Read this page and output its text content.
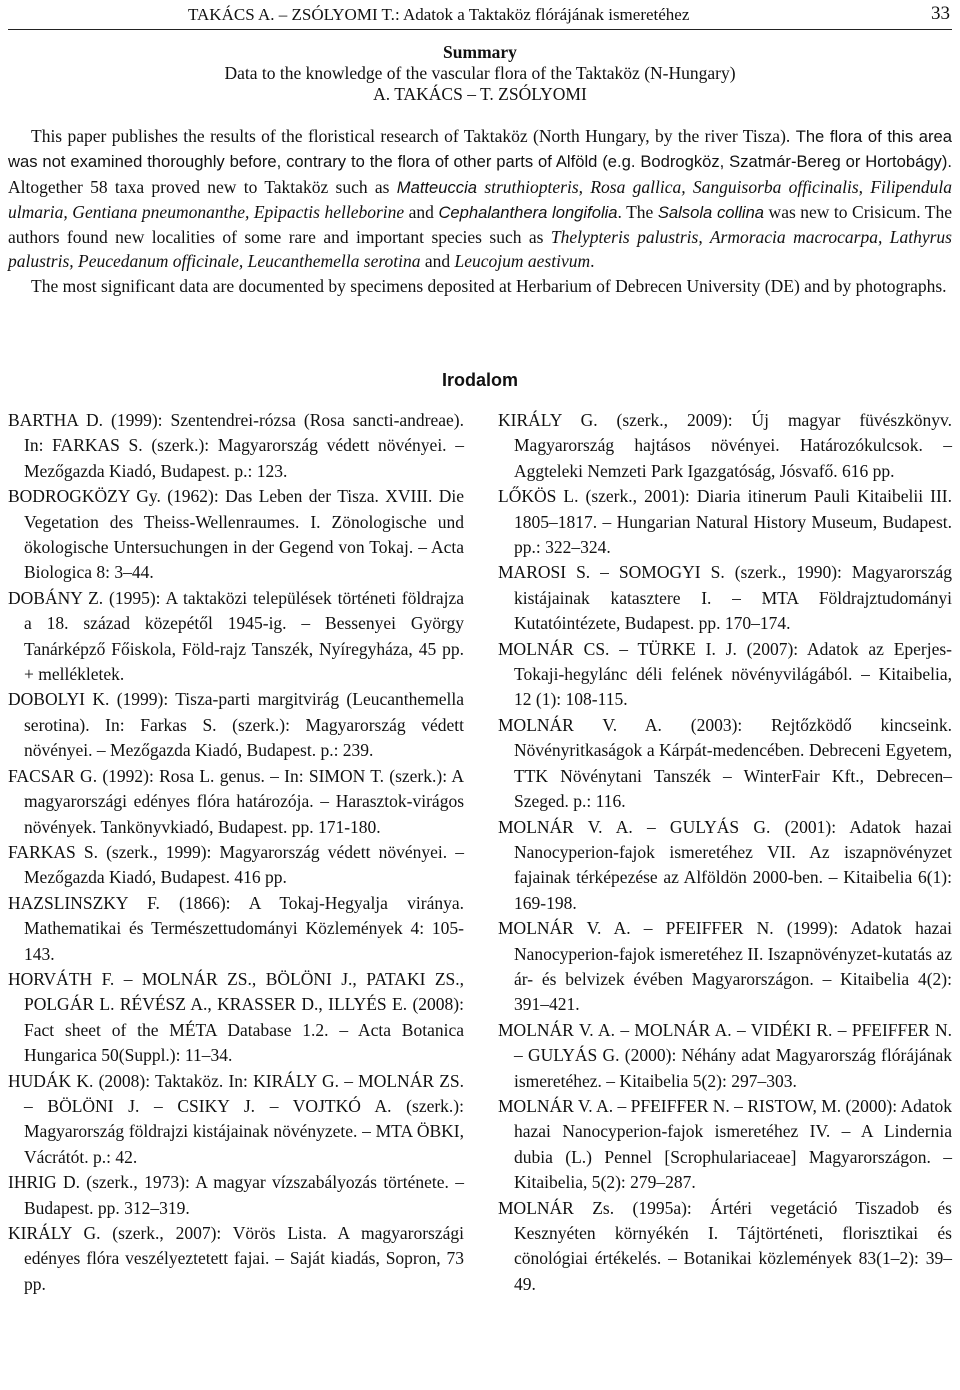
TAKÁCS A. – ZSÓLYOMI T.: Adatok a Taktaköz flórájának ismeretéhez	33
Summary
Data to the knowledge of the vascular flora of the Taktaköz (N-Hungary)
A. TAKÁCS – T. ZSÓLYOMI

This paper publishes the results of the floristical research of Taktaköz (North Hungary, by the river Tisza). The flora of this area was not examined thoroughly before, contrary to the flora of other parts of Alföld (e.g. Bodrogköz, Szatmár-Bereg or Hortobágy). Altogether 58 taxa proved new to Taktaköz such as Matteuccia struthiopteris, Rosa gallica, Sanguisorba officinalis, Filipendula ulmaria, Gentiana pneumonanthe, Epipactis helleborine and Cephalanthera longifolia. The Salsola collina was new to Crisicum. The authors found new localities of some rare and important species such as Thelypteris palustris, Armoracia macrocarpa, Lathyrus palustris, Peucedanum officinale, Leucanthemella serotina and Leucojum aestivum.

The most significant data are documented by specimens deposited at Herbarium of Debrecen University (DE) and by photographs.

Irodalom

BARTHA D. (1999): Szentendrei-rózsa (Rosa sancti-andreae). In: FARKAS S. (szerk.): Magyarország védett növényei. – Mezőgazda Kiadó, Budapest. p.: 123.

BODROGKÖZY Gy. (1962): Das Leben der Tisza. XVIII. Die Vegetation des Theiss-Wellenraumes. I. Zönologische und ökologische Untersuchungen in der Gegend von Tokaj. – Acta Biologica 8: 3–44.

DOBÁNY Z. (1995): A taktaközi települések történeti földrajza a 18. század közepétől 1945-ig. – Bessenyei György Tanárképző Főiskola, Föld-rajz Tanszék, Nyíregyháza, 45 pp. + mellékletek.

DOBOLYI K. (1999): Tisza-parti margitvirág (Leucanthemella serotina). In: Farkas S. (szerk.): Magyarország védett növényei. – Mezőgazda Kiadó, Budapest. p.: 239.

FACSAR G. (1992): Rosa L. genus. – In: SIMON T. (szerk.): A magyarországi edényes flóra határozója. – Harasztok-virágos növények. Tankönyvkiadó, Budapest. pp. 171-180.

FARKAS S. (szerk., 1999): Magyarország védett növényei. – Mezőgazda Kiadó, Budapest. 416 pp.

HAZSLINSZKY F. (1866): A Tokaj-Hegyalja viránya. Mathematikai és Természettudományi Közlemények 4: 105-143.

HORVÁTH F. – MOLNÁR ZS., BÖLÖNI J., PATAKI ZS., POLGÁR L. RÉVÉSZ A., KRASSER D., ILLYÉS E. (2008): Fact sheet of the MÉTA Database 1.2. – Acta Botanica Hungarica 50(Suppl.): 11–34.

HUDÁK K. (2008): Taktaköz. In: KIRÁLY G. – MOLNÁR ZS. – BÖLÖNI J. – CSIKY J. – VOJTKÓ A. (szerk.): Magyarország földrajzi kistájainak növényzete. – MTA ÖBKI, Vácrátót. p.: 42.

IHRIG D. (szerk., 1973): A magyar vízszabályozás története. – Budapest. pp. 312–319.

KIRÁLY G. (szerk., 2007): Vörös Lista. A magyarországi edényes flóra veszélyeztetett fajai. – Saját kiadás, Sopron, 73 pp.

KIRÁLY G. (szerk., 2009): Új magyar füvészkönyv. Magyarország hajtásos növényei. Határozókulcsok. – Aggteleki Nemzeti Park Igazgatóság, Jósvafő. 616 pp.

LŐKÖS L. (szerk., 2001): Diaria itinerum Pauli Kitaibelii III. 1805–1817. – Hungarian Natural History Museum, Budapest. pp.: 322–324.

MAROSI S. – SOMOGYI S. (szerk., 1990): Magyarország kistájainak katasztere I. – MTA Földrajztudományi Kutatóintézete, Budapest. pp. 170–174.

MOLNÁR CS. – TÜRKE I. J. (2007): Adatok az Eperjes-Tokaji-hegylánc déli felének növényvilágából. – Kitaibelia, 12 (1): 108-115.

MOLNÁR V. A. (2003): Rejtőzködő kincseink. Növényritkaságok a Kárpát-medencében. Debreceni Egyetem, TTK Növénytani Tanszék – WinterFair Kft., Debrecen–Szeged. p.: 116.

MOLNÁR V. A. – GULYÁS G. (2001): Adatok hazai Nanocyperion-fajok ismeretéhez VII. Az iszapnövényzet fajainak térképezése az Alföldön 2000-ben. – Kitaibelia 6(1): 169-198.

MOLNÁR V. A. – PFEIFFER N. (1999): Adatok hazai Nanocyperion-fajok ismeretéhez II. Iszapnövényzet-kutatás az ár- és belvizek évében Magyarországon. – Kitaibelia 4(2): 391–421.

MOLNÁR V. A. – MOLNÁR A. – VIDÉKI R. – PFEIFFER N. – GULYÁS G. (2000): Néhány adat Magyarország flórájának ismeretéhez. – Kitaibelia 5(2): 297–303.

MOLNÁR V. A. – PFEIFFER N. – RISTOW, M. (2000): Adatok hazai Nanocyperion-fajok ismeretéhez IV. – A Lindernia dubia (L.) Pennel [Scrophulariaceae] Magyarországon. – Kitaibelia, 5(2): 279–287.

MOLNÁR Zs. (1995a): Ártéri vegetáció Tiszadob és Kesznyéten környékén I. Tájtörténeti, florisztikai és cönológiai értékelés. – Botanikai közlemények 83(1–2): 39–49.
